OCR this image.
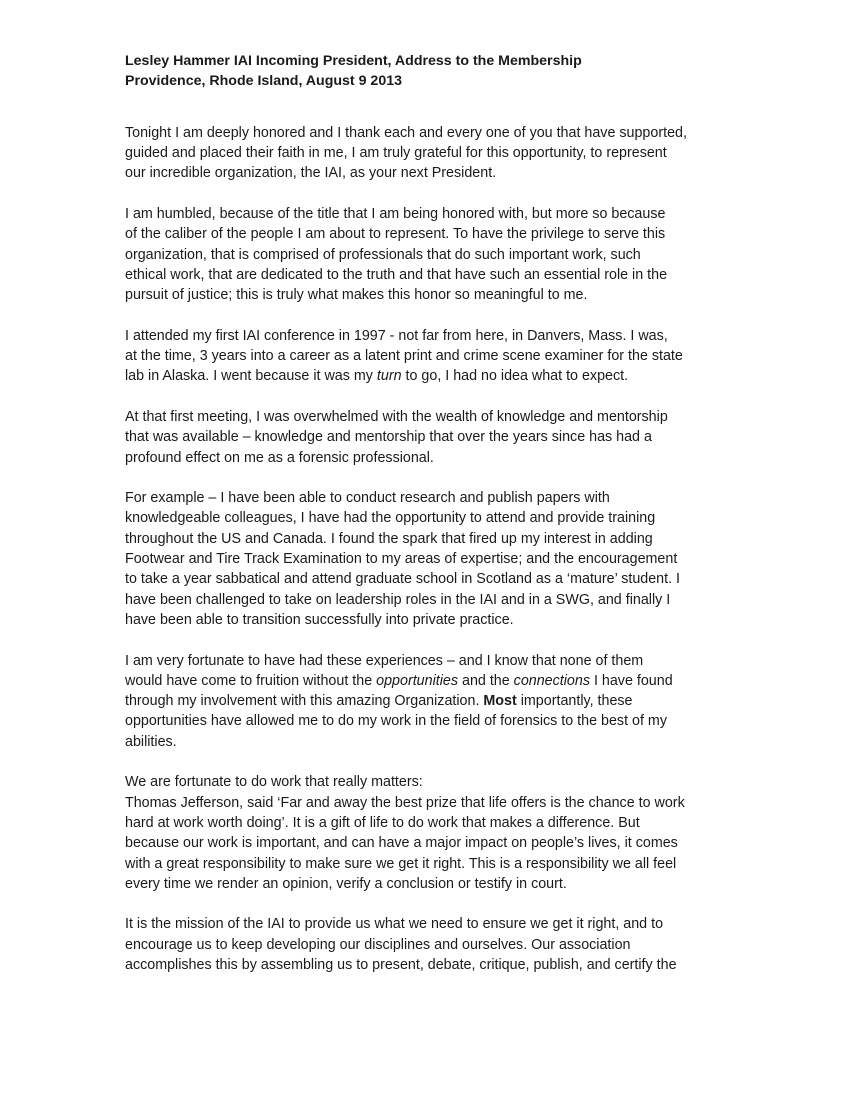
Lesley Hammer IAI Incoming President, Address to the Membership
Providence, Rhode Island, August 9 2013

Tonight I am deeply honored and I thank each and every one of you that have supported,
guided and placed their faith in me, I am truly grateful for this opportunity, to represent
our incredible organization, the IAI, as your next President.

I am humbled, because of the title that I am being honored with, but more so because
of the caliber of the people I am about to represent. To have the privilege to serve this
organization, that is comprised of professionals that do such important work, such
ethical work, that are dedicated to the truth and that have such an essential role in the
pursuit of justice; this is truly what makes this honor so meaningful to me.

I attended my first IAI conference in 1997 - not far from here, in Danvers, Mass. I was,
at the time, 3 years into a career as a latent print and crime scene examiner for the state
lab in Alaska. I went because it was my turn to go, I had no idea what to expect.

At that first meeting, I was overwhelmed with the wealth of knowledge and mentorship
that was available – knowledge and mentorship that over the years since has had a
profound effect on me as a forensic professional.

For example – I have been able to conduct research and publish papers with
knowledgeable colleagues, I have had the opportunity to attend and provide training
throughout the US and Canada. I found the spark that fired up my interest in adding
Footwear and Tire Track Examination to my areas of expertise; and the encouragement
to take a year sabbatical and attend graduate school in Scotland as a ‘mature’ student. I
have been challenged to take on leadership roles in the IAI and in a SWG, and finally I
have been able to transition successfully into private practice.

I am very fortunate to have had these experiences – and I know that none of them
would have come to fruition without the opportunities and the connections I have found
through my involvement with this amazing Organization. Most importantly, these
opportunities have allowed me to do my work in the field of forensics to the best of my
abilities.

We are fortunate to do work that really matters:

Thomas Jefferson, said ‘Far and away the best prize that life offers is the chance to work
hard at work worth doing’. It is a gift of life to do work that makes a difference. But
because our work is important, and can have a major impact on people’s lives, it comes
with a great responsibility to make sure we get it right. This is a responsibility we all feel
every time we render an opinion, verify a conclusion or testify in court.

It is the mission of the IAI to provide us what we need to ensure we get it right, and to
encourage us to keep developing our disciplines and ourselves. Our association
accomplishes this by assembling us to present, debate, critique, publish, and certify the
